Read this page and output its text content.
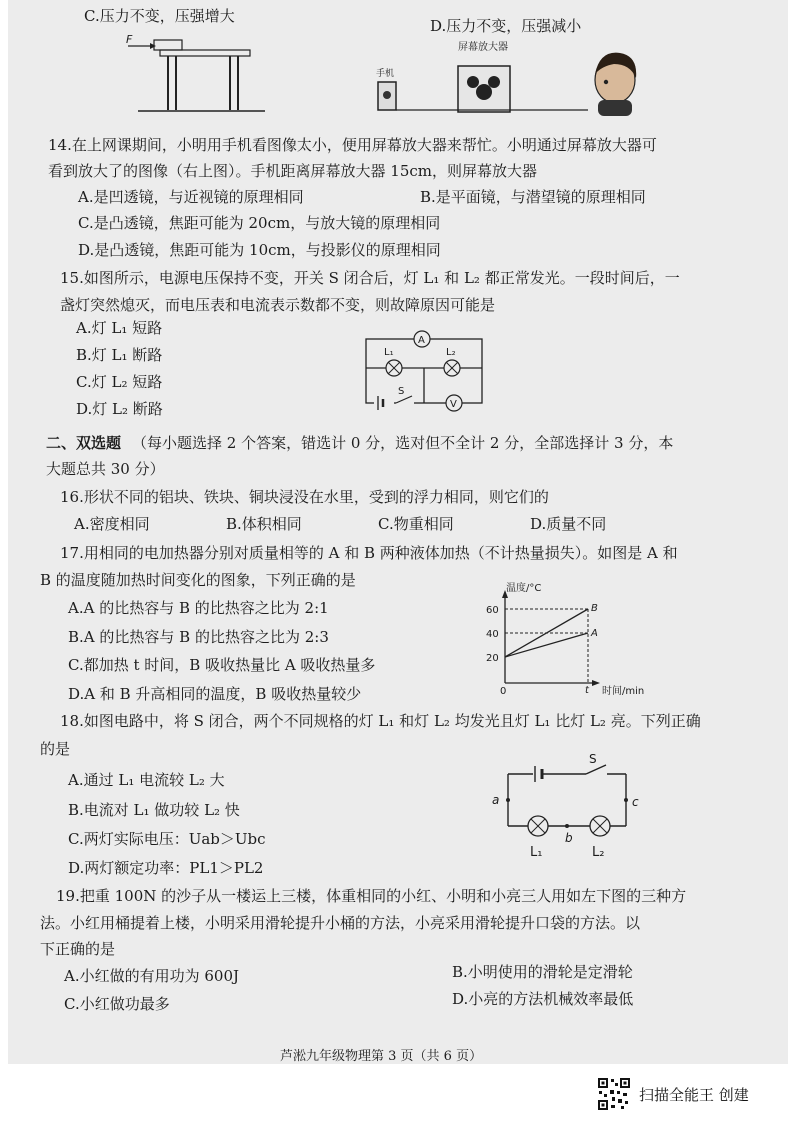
C.压力不变，压强增大
D.压力不变，压强减小
F
屏幕放大器
手机
14.在上网课期间，小明用手机看图像太小，便用屏幕放大器来帮忙。小明通过屏幕放大器可
看到放大了的图像（右上图）。手机距离屏幕放大器 15cm，则屏幕放大器
A.是凹透镜，与近视镜的原理相同	B.是平面镜，与潜望镜的原理相同
C.是凸透镜，焦距可能为 20cm，与放大镜的原理相同
D.是凸透镜，焦距可能为 10cm，与投影仪的原理相同
15.如图所示，电源电压保持不变，开关 S 闭合后，灯 L₁ 和 L₂ 都正常发光。一段时间后，一
盏灯突然熄灭，而电压表和电流表示数都不变，则故障原因可能是
A.灯 L₁ 短路
B.灯 L₁ 断路
C.灯 L₂ 短路
D.灯 L₂ 断路
A
L₁	L₂
S
V
二、双选题 （每小题选择 2 个答案，错选计 0 分，选对但不全计 2 分，全部选择计 3 分，本
大题总共 30 分）
16.形状不同的铝块、铁块、铜块浸没在水里，受到的浮力相同，则它们的
A.密度相同	B.体积相同	C.物重相同	D.质量不同
17.用相同的电加热器分别对质量相等的 A 和 B 两种液体加热（不计热量损失）。如图是 A 和
B 的温度随加热时间变化的图象，下列正确的是
A.A 的比热容与 B 的比热容之比为 2:1
B.A 的比热容与 B 的比热容之比为 2:3
C.都加热 t 时间，B 吸收热量比 A 吸收热量多
D.A 和 B 升高相同的温度，B 吸收热量较少
温度/°C
时间/min
0
60
40
20
B
A
t
18.如图电路中，将 S 闭合，两个不同规格的灯 L₁ 和灯 L₂ 均发光且灯 L₁ 比灯 L₂ 亮。下列正确
的是
A.通过 L₁ 电流较 L₂ 大
B.电流对 L₁ 做功较 L₂ 快
C.两灯实际电压：Uab＞Ubc
D.两灯额定功率：PL1＞PL2
S
a	c
b
L₁	L₂
19.把重 100N 的沙子从一楼运上三楼，体重相同的小红、小明和小亮三人用如左下图的三种方
法。小红用桶提着上楼，小明采用滑轮提升小桶的方法，小亮采用滑轮提升口袋的方法。以
下正确的是
A.小红做的有用功为 600J	B.小明使用的滑轮是定滑轮
C.小红做功最多	D.小亮的方法机械效率最低
芦淞九年级物理第 3 页（共 6 页）
扫描全能王 创建
